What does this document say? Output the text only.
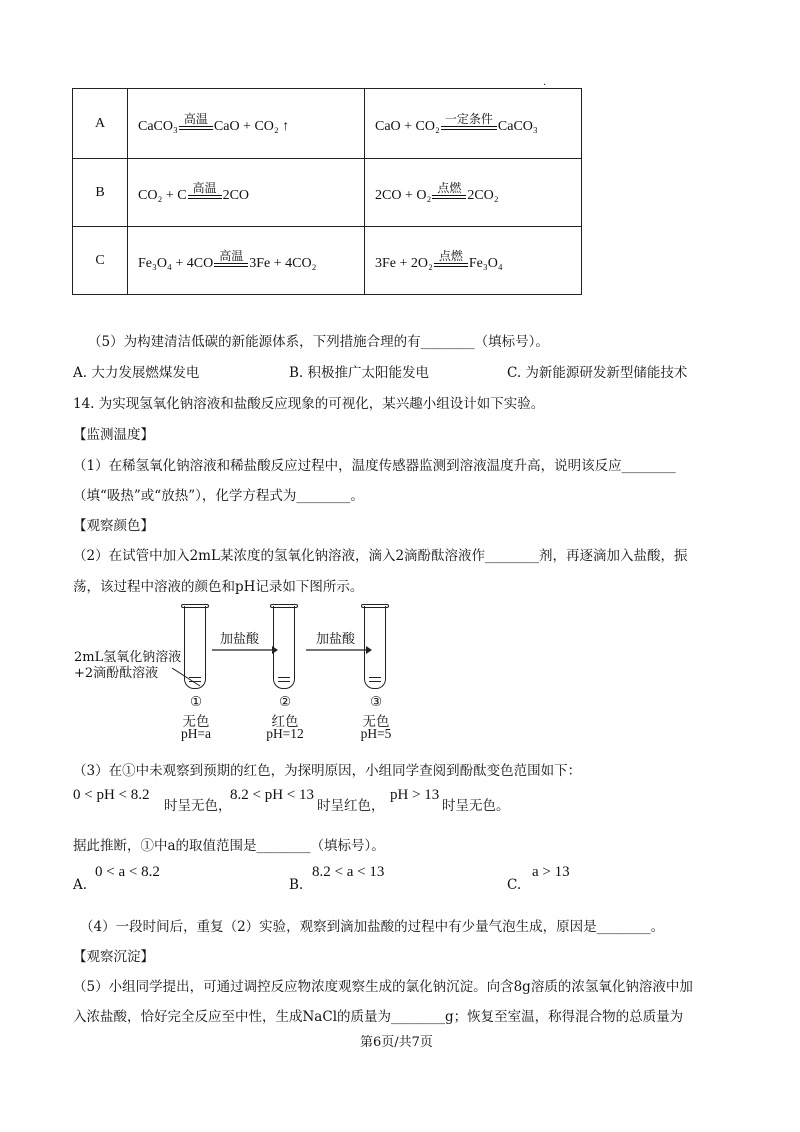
.
A	CaCO₃ 高温 CaO + CO₂ ↑	CaO + CO₂ 一定条件 CaCO₃

B	CO₂ + C 高温 2CO	2CO + O₂ 点燃 2CO₂

C	Fe₃O₄ + 4CO 高温 3Fe + 4CO₂	3Fe + 2O₂ 点燃 Fe₃O₄
（5）为构建清洁低碳的新能源体系，下列措施合理的有________（填标号）。
A. 大力发展燃煤发电	B. 积极推广太阳能发电	C. 为新能源研发新型储能技术
14. 为实现氢氧化钠溶液和盐酸反应现象的可视化，某兴趣小组设计如下实验。
【监测温度】
（1）在稀氢氧化钠溶液和稀盐酸反应过程中，温度传感器监测到溶液温度升高，说明该反应________
（填“吸热”或“放热”），化学方程式为________。
【观察颜色】
（2）在试管中加入2mL某浓度的氢氧化钠溶液，滴入2滴酚酞溶液作________剂，再逐滴加入盐酸，振
荡，该过程中溶液的颜色和pH记录如下图所示。
2mL氢氧化钠溶液
+2滴酚酞溶液
加盐酸	加盐酸
①
无色
pH=a
②
红色
pH=12
③
无色
pH=5
（3）在①中未观察到预期的红色，为探明原因，小组同学查阅到酚酞变色范围如下：
0 < pH < 8.2
时呈无色，
8.2 < pH < 13
时呈红色，
pH > 13
时呈无色。
据此推断，①中a的取值范围是________（填标号）。
A.
0 < a < 8.2
B.
8.2 < a < 13
C.
a > 13
（4）一段时间后，重复（2）实验，观察到滴加盐酸的过程中有少量气泡生成，原因是________。
【观察沉淀】
（5）小组同学提出，可通过调控反应物浓度观察生成的氯化钠沉淀。向含8g溶质的浓氢氧化钠溶液中加
入浓盐酸，恰好完全反应至中性，生成NaCl的质量为________g；恢复至室温，称得混合物的总质量为
第6页/共7页
